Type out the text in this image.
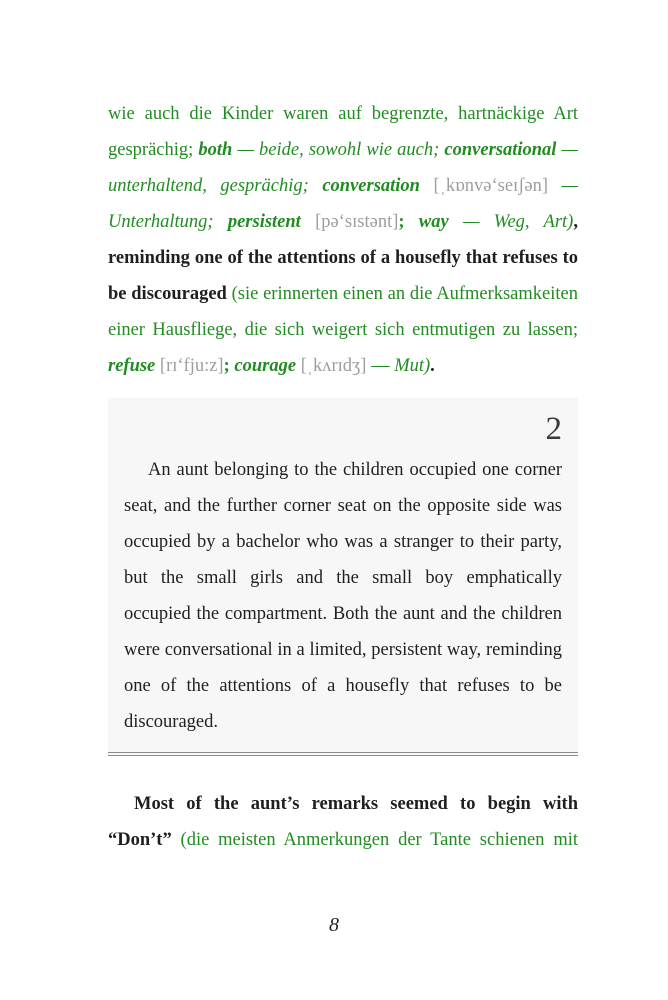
wie auch die Kinder waren auf begrenzte, hartnäckige Art gesprächig; both — beide, sowohl wie auch; conversational — unterhaltend, gesprächig; conversation [ˌkɒnvəʻseɪʃən] — Unterhaltung; persistent [pəʻsɪstənt]; way — Weg, Art), reminding one of the attentions of a housefly that refuses to be discouraged (sie erinnerten einen an die Aufmerksamkeiten einer Hausfliege, die sich weigert sich entmutigen zu lassen; refuse [rɪʻfju:z]; courage [ˌkʌrɪdʒ] — Mut).

2

An aunt belonging to the children occupied one corner seat, and the further corner seat on the opposite side was occupied by a bachelor who was a stranger to their party, but the small girls and the small boy emphatically occupied the compartment. Both the aunt and the children were conversational in a limited, persistent way, reminding one of the attentions of a housefly that refuses to be discouraged.

Most of the aunt’s remarks seemed to begin with “Don’t” (die meisten Anmerkungen der Tante schienen mit

8
